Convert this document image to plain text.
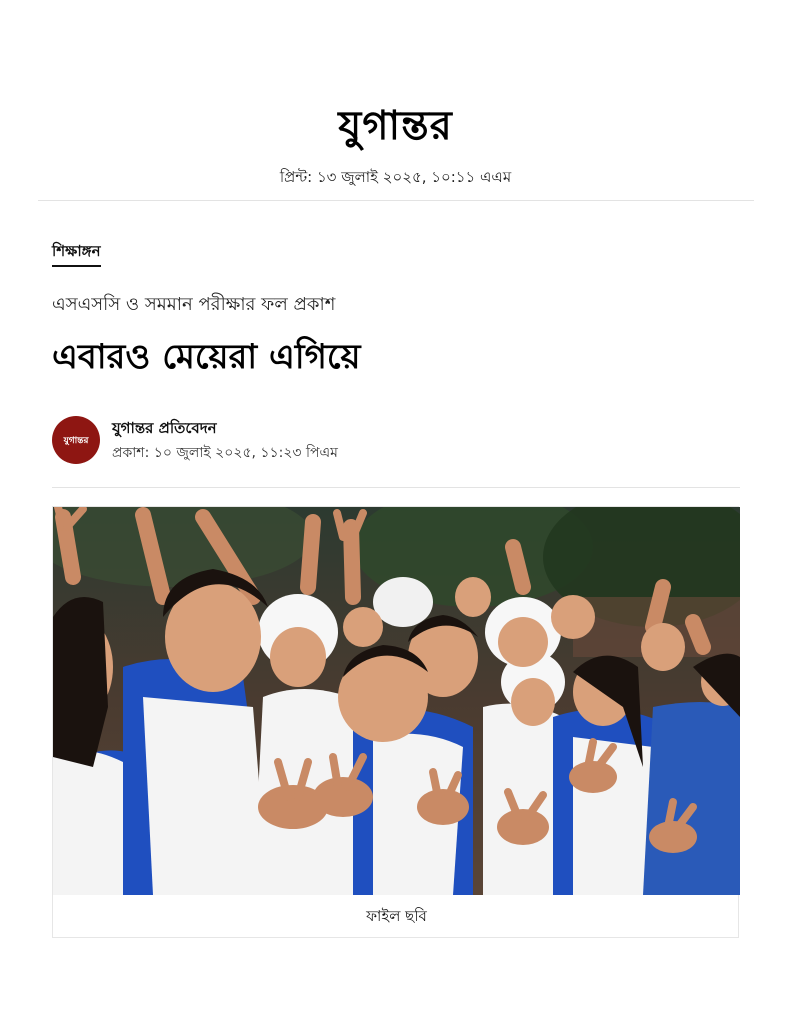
যুগান্তর
প্রিন্ট: ১৩ জুলাই ২০২৫, ১০:১১ এএম
শিক্ষাঙ্গন
এসএসসি ও সমমান পরীক্ষার ফল প্রকাশ
এবারও মেয়েরা এগিয়ে
যুগান্তর
যুগান্তর প্রতিবেদন
প্রকাশ: ১০ জুলাই ২০২৫, ১১:২৩ পিএম
ফাইল ছবি
